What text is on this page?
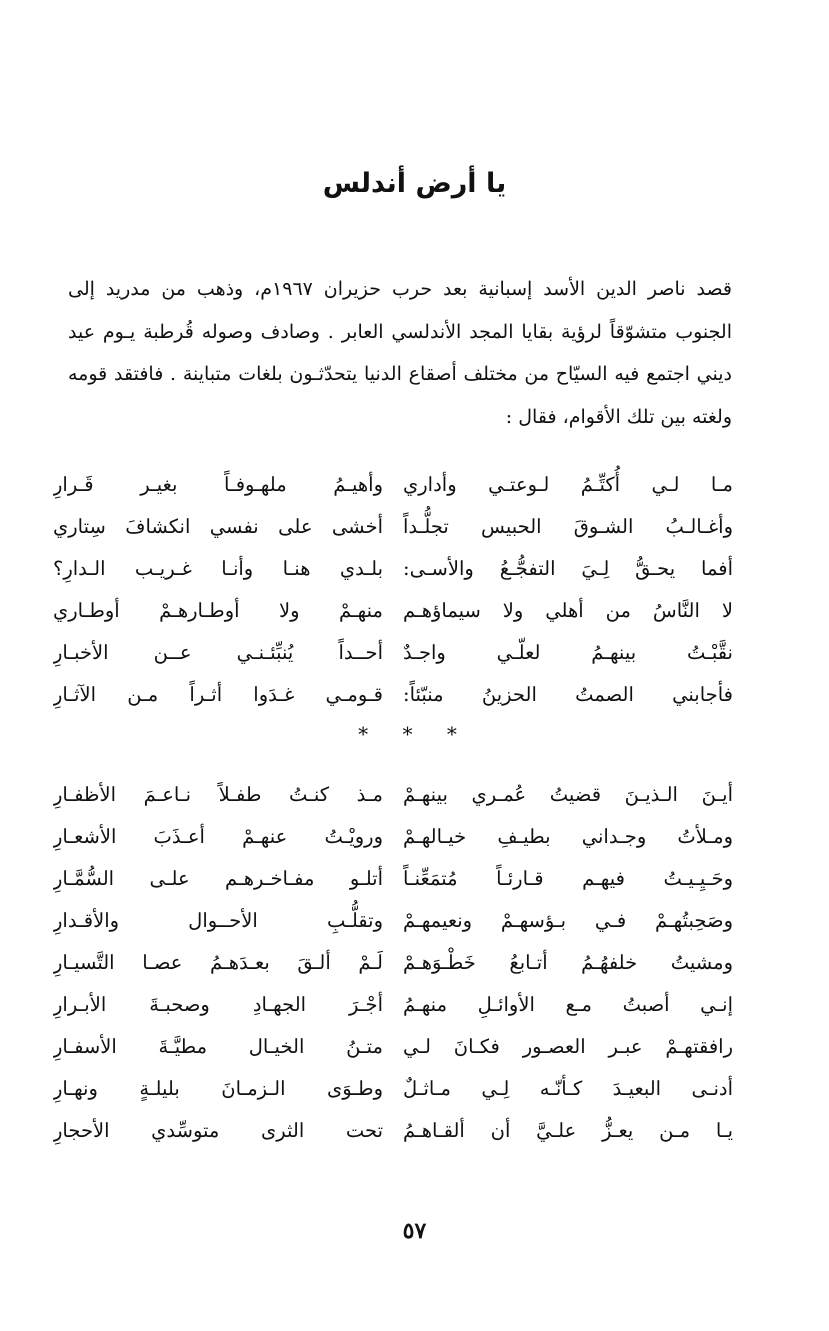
يا أرض أندلس
قصد ناصر الدين الأسد إسبانية بعد حرب حزيران ١٩٦٧م، وذهب من مدريد إلى الجنوب متشوّقاً لرؤية بقايا المجد الأندلسي العابر . وصادف وصوله قُرطبة يـوم عيد ديني اجتمع فيه السيّاح من مختلف أصقاع الدنيا يتحدّثـون بلغات متباينة . فافتقد قومه ولغته بين تلك الأقوام، فقال :
مـا لـي أُكتِّـمُ لـوعتـي وأداري
وأهيـمُ ملهـوفـاً بغيـر قَـرارِ
وأغـالـبُ الشـوقَ الحبيس تجلُّـداً
أخشى على نفسي انكشافَ سِتاري
أفما يحـقُّ لِـيَ التفجُّـعُ والأسـى:
بلـدي هنـا وأنـا غـريـب الـدارِ؟
لا النَّاسُ من أهلي ولا سيماؤهـم
منهـمْ ولا أوطـارهـمْ أوطـاري
نقَّبْـتُ بينهـمُ لعلّـي واجـدٌ
أحــداً يُنبِّئـنـي عــن الأخبـارِ
فأجابني الصمتُ الحزينُ منبّئاً:
قـومـي غـدَوا أثـراً مـن الآثـارِ
* * *
أيـنَ الـذيـنَ قضيتُ عُمـري بينهـمْ
مـذ كنـتُ طفـلاً نـاعـمَ الأظفـارِ
ومـلأتُ وجـداني بطيـفِ خيـالهـمْ
ورويْـتُ عنهـمْ أعـذَبَ الأشعـارِ
وحَـيِـيـتُ فيهـم قـارئـاً مُتمَعِّنـاً
أتلـو مفـاخـرهـم علـى السُّمَّـارِ
وصَحِبتُهـمْ فـي بـؤسهـمْ ونعيمهـمْ
وتقلُّـبِ الأحــوال والأقـدارِ
ومشيتُ خلفهُـمُ أتـابعُ خَطْـوَهـمْ
لَـمْ ألـقَ بعـدَهـمُ عصـا التَّسيـارِ
إنـي أصبتُ مـع الأوائـلِ منهـمُ
أجْـرَ الجهـادِ وصحبـةَ الأبـرارِ
رافقتهـمْ عبـر العصـور فكـانَ لـي
متـنُ الخيـال مطيَّـةَ الأسفـارِ
أدنـى البعيـدَ كـأنّـه لِـي مـاثـلٌ
وطـوَى الـزمـانَ بليلـةٍ ونهـارِ
يـا مـن يعـزُّ علـيَّ أن ألقـاهـمُ
تحت الثرى متوسِّدي الأحجارِ
٥٧
